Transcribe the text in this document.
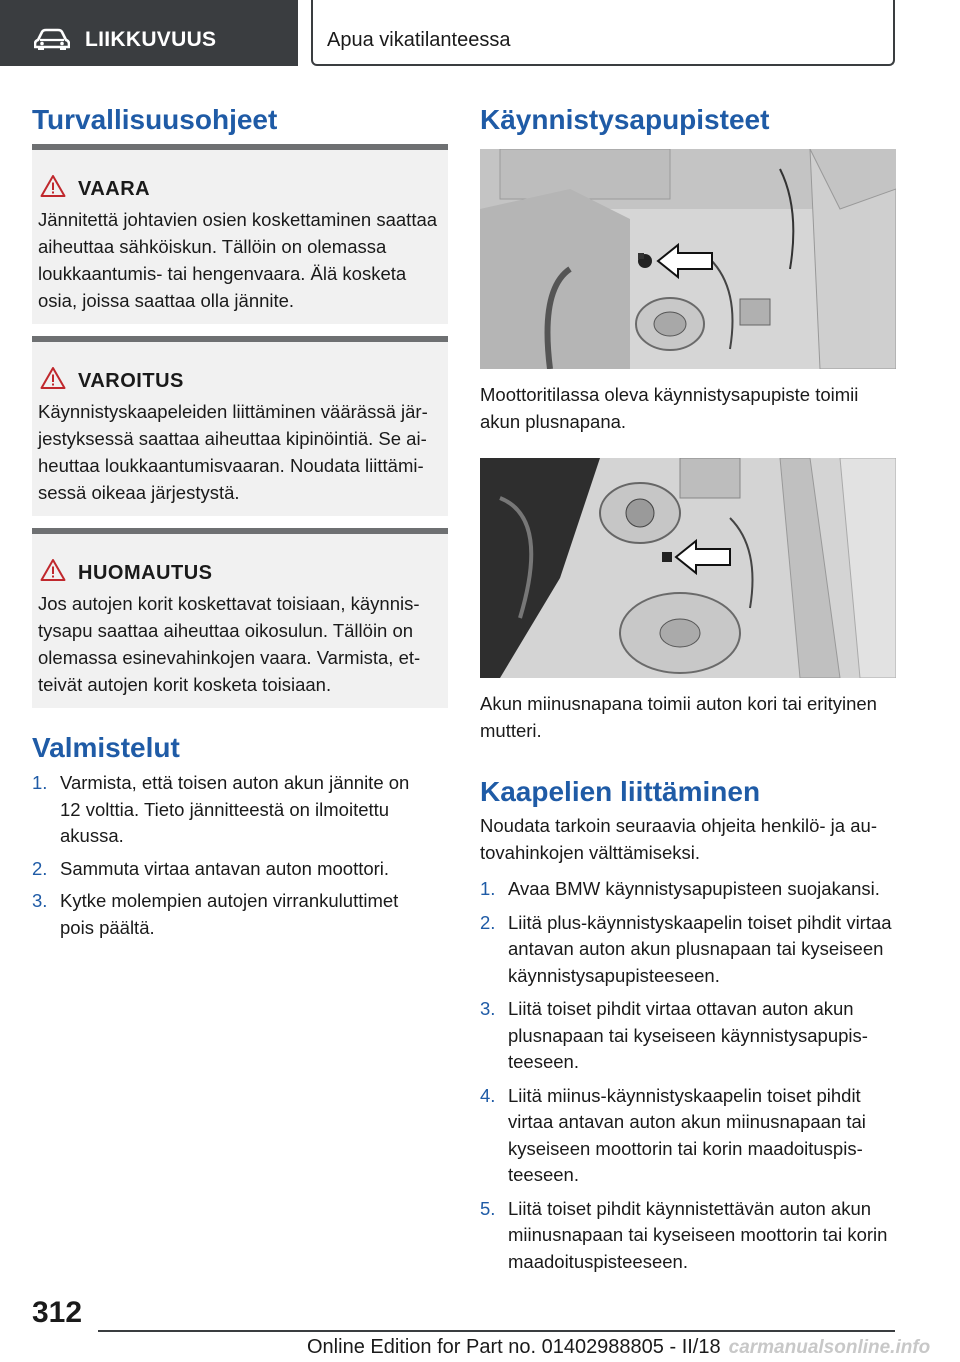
LIIKKUVUUS	Apua vikatilanteessa
Turvallisuusohjeet
VAARA
Jännitettä johtavien osien koskettaminen saattaa aiheuttaa sähköiskun. Tällöin on olemassa loukkaantumis- tai hengenvaara. Älä kosketa osia, joissa saattaa olla jännite.
VAROITUS
Käynnistyskaapeleiden liittäminen väärässä järjestyksessä saattaa aiheuttaa kipinöintiä. Se aiheuttaa loukkaantumisvaaran. Noudata liittämisessä oikeaa järjestystä.
HUOMAUTUS
Jos autojen korit koskettavat toisiaan, käynnistysapu saattaa aiheuttaa oikosulun. Tällöin on olemassa esinevahinkojen vaara. Varmista, etteivät autojen korit kosketa toisiaan.
Valmistelut
1. Varmista, että toisen auton akun jännite on 12 volttia. Tieto jännitteestä on ilmoitettu akussa.
2. Sammuta virtaa antavan auton moottori.
3. Kytke molempien autojen virrankuluttimet pois päältä.
Käynnistysapupisteet
Moottoritilassa oleva käynnistysapupiste toimii akun plusnapana.
Akun miinusnapana toimii auton kori tai erityinen mutteri.
Kaapelien liittäminen
Noudata tarkoin seuraavia ohjeita henkilö- ja autovahinkojen välttämiseksi.
1. Avaa BMW käynnistysapupisteen suojakansi.
2. Liitä plus-käynnistyskaapelin toiset pihdit virtaa antavan auton akun plusnapaan tai kyseiseen käynnistysapupisteeseen.
3. Liitä toiset pihdit virtaa ottavan auton akun plusnapaan tai kyseiseen käynnistysapupisteeseen.
4. Liitä miinus-käynnistyskaapelin toiset pihdit virtaa antavan auton akun miinusnapaan tai kyseiseen moottorin tai korin maadoituspisteeseen.
5. Liitä toiset pihdit käynnistettävän auton akun miinusnapaan tai kyseiseen moottorin tai korin maadoituspisteeseen.
312
Online Edition for Part no. 01402988805 - II/18 carmanualsonline.info
